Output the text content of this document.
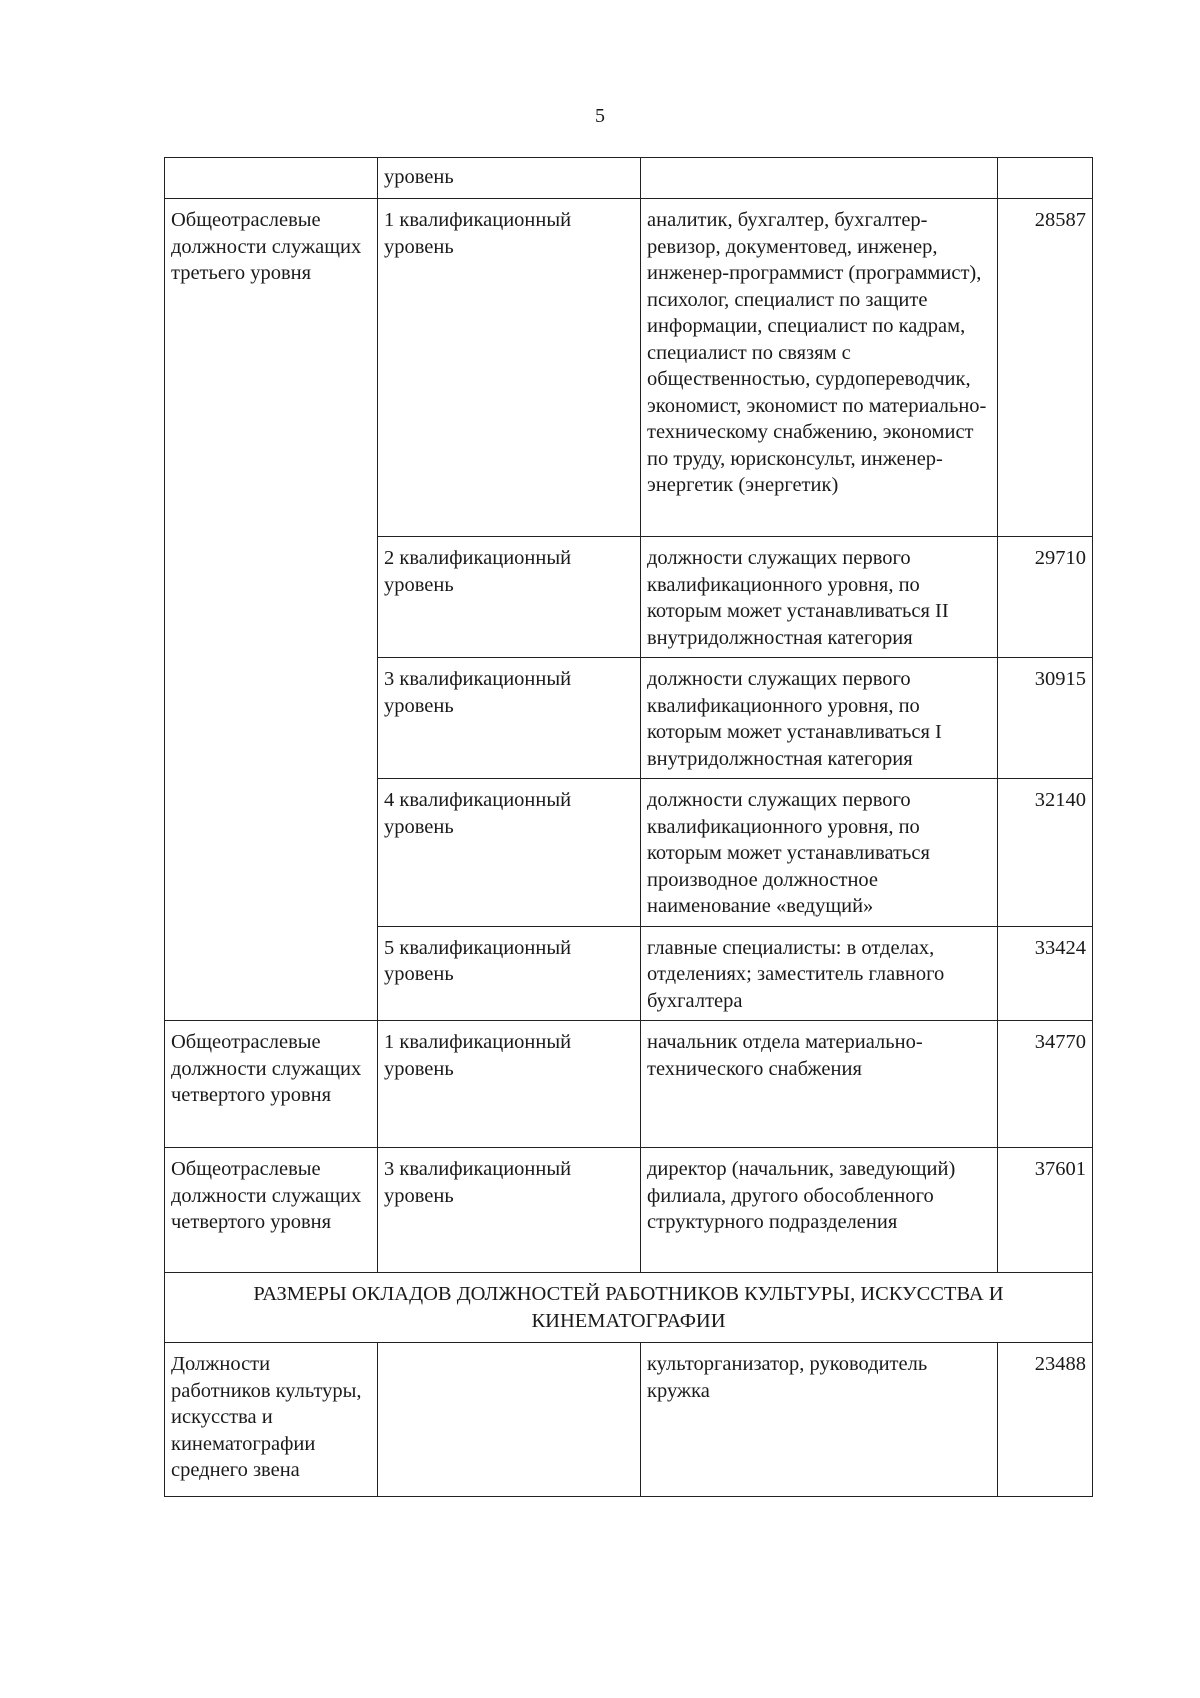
5
	уровень		
Общеотраслевые должности служащих третьего уровня	1 квалификационный уровень	аналитик, бухгалтер, бухгалтер-ревизор, документовед, инженер, инженер-программист (программист), психолог, специалист по защите информации, специалист по кадрам, специалист по связям с общественностью, сурдопереводчик, экономист, экономист по материально-техническому снабжению, экономист по труду, юрисконсульт, инженер-энергетик (энергетик)	28587
	2 квалификационный уровень	должности служащих первого квалификационного уровня, по которым может устанавливаться II внутридолжностная категория	29710
	3 квалификационный уровень	должности служащих первого квалификационного уровня, по которым может устанавливаться I внутридолжностная категория	30915
	4 квалификационный уровень	должности служащих первого квалификационного уровня, по которым может устанавливаться производное должностное наименование «ведущий»	32140
	5 квалификационный уровень	главные специалисты: в отделах, отделениях; заместитель главного бухгалтера	33424
Общеотраслевые должности служащих четвертого уровня	1 квалификационный уровень	начальник отдела материально-технического снабжения	34770
Общеотраслевые должности служащих четвертого уровня	3 квалификационный уровень	директор (начальник, заведующий) филиала, другого обособленного структурного подразделения	37601
РАЗМЕРЫ ОКЛАДОВ ДОЛЖНОСТЕЙ РАБОТНИКОВ КУЛЬТУРЫ, ИСКУССТВА И КИНЕМАТОГРАФИИ			
Должности работников культуры, искусства и кинематографии среднего звена		культорганизатор, руководитель кружка	23488
